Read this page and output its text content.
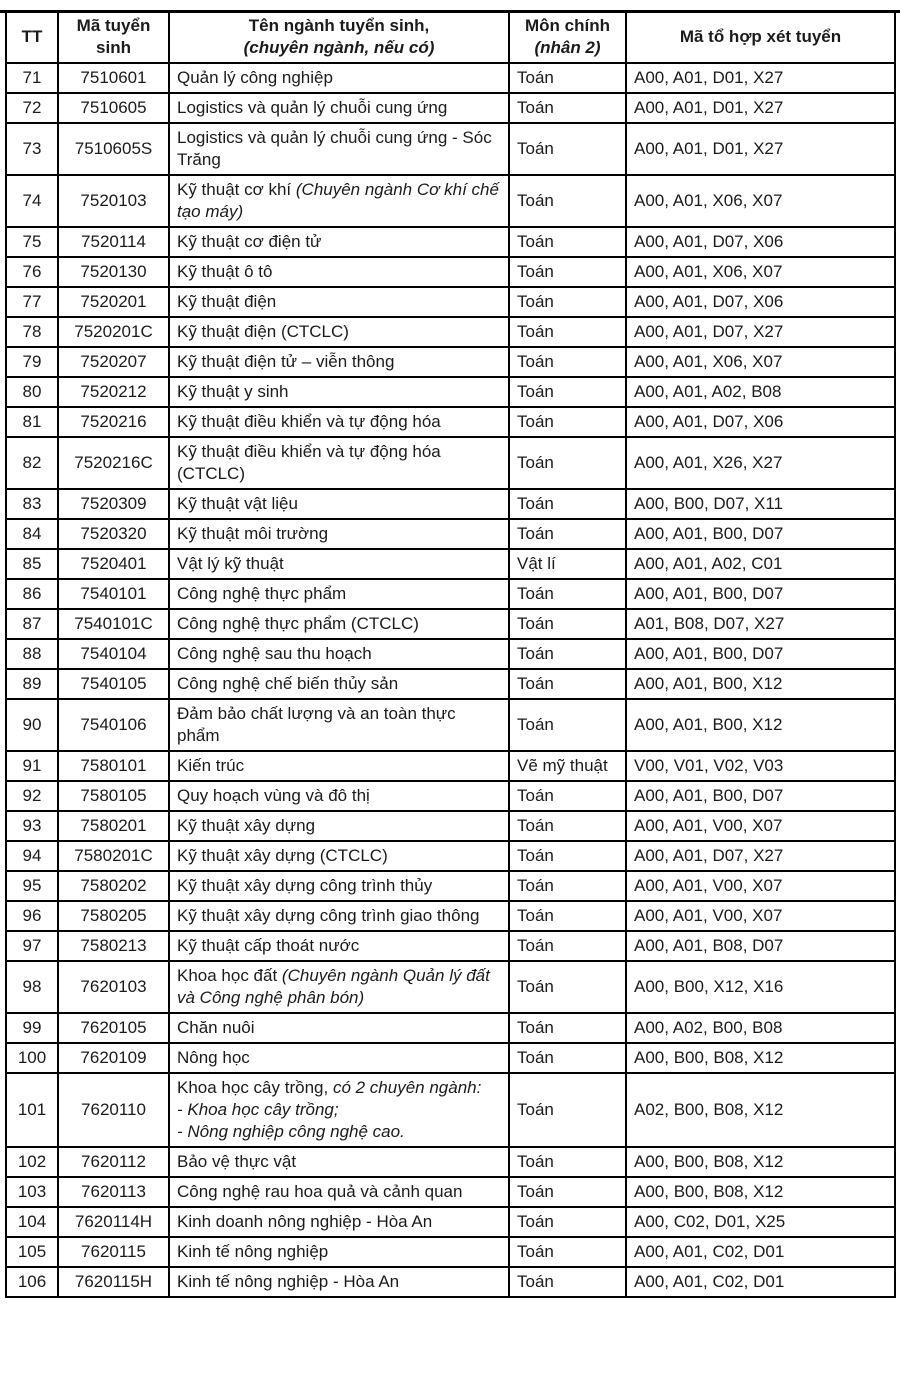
TT	Mã tuyển sinh	Tên ngành tuyển sinh,
(chuyên ngành, nếu có)	Môn chính
(nhân 2)	Mã tổ hợp xét tuyển
71	7510601	Quản lý công nghiệp	Toán	A00, A01, D01, X27
72	7510605	Logistics và quản lý chuỗi cung ứng	Toán	A00, A01, D01, X27
73	7510605S	Logistics và quản lý chuỗi cung ứng - Sóc Trăng	Toán	A00, A01, D01, X27
74	7520103	Kỹ thuật cơ khí (Chuyên ngành Cơ khí chế tạo máy)	Toán	A00, A01, X06, X07
75	7520114	Kỹ thuật cơ điện tử	Toán	A00, A01, D07, X06
76	7520130	Kỹ thuật ô tô	Toán	A00, A01, X06, X07
77	7520201	Kỹ thuật điện	Toán	A00, A01, D07, X06
78	7520201C	Kỹ thuật điện (CTCLC)	Toán	A00, A01, D07, X27
79	7520207	Kỹ thuật điện tử – viễn thông	Toán	A00, A01, X06, X07
80	7520212	Kỹ thuật y sinh	Toán	A00, A01, A02, B08
81	7520216	Kỹ thuật điều khiển và tự động hóa	Toán	A00, A01, D07, X06
82	7520216C	Kỹ thuật điều khiển và tự động hóa (CTCLC)	Toán	A00, A01, X26, X27
83	7520309	Kỹ thuật vật liệu	Toán	A00, B00, D07, X11
84	7520320	Kỹ thuật môi trường	Toán	A00, A01, B00, D07
85	7520401	Vật lý kỹ thuật	Vật lí	A00, A01, A02, C01
86	7540101	Công nghệ thực phẩm	Toán	A00, A01, B00, D07
87	7540101C	Công nghệ thực phẩm (CTCLC)	Toán	A01, B08, D07, X27
88	7540104	Công nghệ sau thu hoạch	Toán	A00, A01, B00, D07
89	7540105	Công nghệ chế biến thủy sản	Toán	A00, A01, B00, X12
90	7540106	Đảm bảo chất lượng và an toàn thực phẩm	Toán	A00, A01, B00, X12
91	7580101	Kiến trúc	Vẽ mỹ thuật	V00, V01, V02, V03
92	7580105	Quy hoạch vùng và đô thị	Toán	A00, A01, B00, D07
93	7580201	Kỹ thuật xây dựng	Toán	A00, A01, V00, X07
94	7580201C	Kỹ thuật xây dựng (CTCLC)	Toán	A00, A01, D07, X27
95	7580202	Kỹ thuật xây dựng công trình thủy	Toán	A00, A01, V00, X07
96	7580205	Kỹ thuật xây dựng công trình giao thông	Toán	A00, A01, V00, X07
97	7580213	Kỹ thuật cấp thoát nước	Toán	A00, A01, B08, D07
98	7620103	Khoa học đất (Chuyên ngành Quản lý đất và Công nghệ phân bón)	Toán	A00, B00, X12, X16
99	7620105	Chăn nuôi	Toán	A00, A02, B00, B08
100	7620109	Nông học	Toán	A00, B00, B08, X12
101	7620110	Khoa học cây trồng, có 2 chuyên ngành:
- Khoa học cây trồng;
- Nông nghiệp công nghệ cao.	Toán	A02, B00, B08, X12
102	7620112	Bảo vệ thực vật	Toán	A00, B00, B08, X12
103	7620113	Công nghệ rau hoa quả và cảnh quan	Toán	A00, B00, B08, X12
104	7620114H	Kinh doanh nông nghiệp - Hòa An	Toán	A00, C02, D01, X25
105	7620115	Kinh tế nông nghiệp	Toán	A00, A01, C02, D01
106	7620115H	Kinh tế nông nghiệp - Hòa An	Toán	A00, A01, C02, D01
